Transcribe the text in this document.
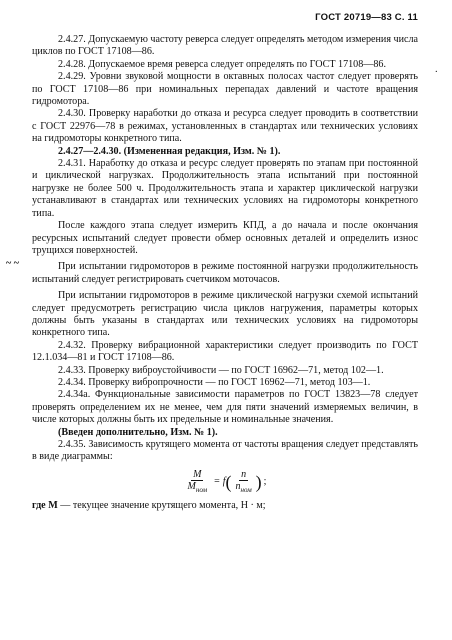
ГОСТ 20719—83 С. 11
·
~ ~

2.4.27. Допускаемую частоту реверса следует определять методом измерения числа циклов по ГОСТ 17108—86.

2.4.28. Допускаемое время реверса следует определять по ГОСТ 17108—86.

2.4.29. Уровни звуковой мощности в октавных полосах частот следует проверять по ГОСТ 17108—86 при номинальных перепадах давлений и частоте вращения гидромотора.

2.4.30. Проверку наработки до отказа и ресурса следует проводить в соответствии с ГОСТ 22976—78 в режимах, установленных в стандартах или технических условиях на гидромоторы конкретного типа.

2.4.27—2.4.30. (Измененная редакция, Изм. № 1).

2.4.31. Наработку до отказа и ресурс следует проверять по этапам при постоянной и циклической нагрузках. Продолжительность этапа испытаний при постоянной нагрузке не более 500 ч. Продолжительность этапа и характер циклической нагрузки устанавливают в стандартах или технических условиях на гидромоторы конкретного типа.

После каждого этапа следует измерить КПД, а до начала и после окончания ресурсных испытаний следует провести обмер основных деталей и определить износ трущихся поверхностей.

При испытании гидромоторов в режиме постоянной нагрузки продолжительность испытаний следует регистрировать счетчиком моточасов.

При испытании гидромоторов в режиме циклической нагрузки схемой испытаний следует предусмотреть регистрацию числа циклов нагружения, параметры которых должны быть указаны в стандартах или технических условиях на гидромоторы конкретного типа.

2.4.32. Проверку вибрационной характеристики следует производить по ГОСТ 12.1.034—81 и ГОСТ 17108—86.

2.4.33. Проверку виброустойчивости — по ГОСТ 16962—71, метод 102—1.

2.4.34. Проверку вибропрочности — по ГОСТ 16962—71, метод 103—1.

2.4.34а. Функциональные зависимости параметров по ГОСТ 13823—78 следует проверять определением их не менее, чем для пяти значений измеряемых величин, в числе которых должны быть их предельные и номинальные значения.

(Введен дополнительно, Изм. № 1).

2.4.35. Зависимость крутящего момента от частоты вращения следует представлять в виде диаграммы:

$\frac{M}{M_{ном}} = f$ ( $\frac{n}{n_{ном}}$ ) ;

где M — текущее значение крутящего момента, Н · м;
